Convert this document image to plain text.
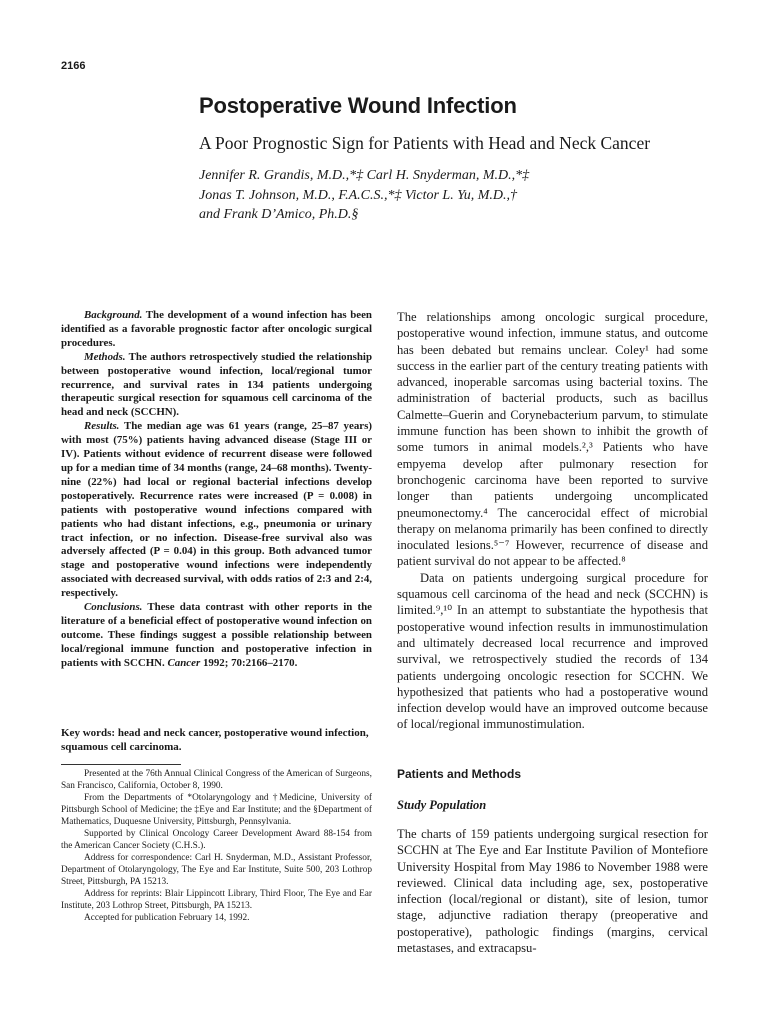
2166
Postoperative Wound Infection
A Poor Prognostic Sign for Patients with Head and Neck Cancer
Jennifer R. Grandis, M.D.,*‡ Carl H. Snyderman, M.D.,*‡
Jonas T. Johnson, M.D., F.A.C.S.,*‡ Victor L. Yu, M.D.,†
and Frank D’Amico, Ph.D.§

Background. The development of a wound infection has been identified as a favorable prognostic factor after oncologic surgical procedures.

Methods. The authors retrospectively studied the relationship between postoperative wound infection, local/regional tumor recurrence, and survival rates in 134 patients undergoing therapeutic surgical resection for squamous cell carcinoma of the head and neck (SCCHN).

Results. The median age was 61 years (range, 25–87 years) with most (75%) patients having advanced disease (Stage III or IV). Patients without evidence of recurrent disease were followed up for a median time of 34 months (range, 24–68 months). Twenty-nine (22%) had local or regional bacterial infections develop postoperatively. Recurrence rates were increased (P = 0.008) in patients with postoperative wound infections compared with patients who had distant infections, e.g., pneumonia or urinary tract infection, or no infection. Disease-free survival also was adversely affected (P = 0.04) in this group. Both advanced tumor stage and postoperative wound infections were independently associated with decreased survival, with odds ratios of 2:3 and 2:4, respectively.

Conclusions. These data contrast with other reports in the literature of a beneficial effect of postoperative wound infection on outcome. These findings suggest a possible relationship between local/regional immune function and postoperative infection in patients with SCCHN. Cancer 1992; 70:2166–2170.

Key words: head and neck cancer, postoperative wound infection, squamous cell carcinoma.

Presented at the 76th Annual Clinical Congress of the American of Surgeons, San Francisco, California, October 8, 1990.

From the Departments of *Otolaryngology and †Medicine, University of Pittsburgh School of Medicine; the ‡Eye and Ear Institute; and the §Department of Mathematics, Duquesne University, Pittsburgh, Pennsylvania.

Supported by Clinical Oncology Career Development Award 88-154 from the American Cancer Society (C.H.S.).

Address for correspondence: Carl H. Snyderman, M.D., Assistant Professor, Department of Otolaryngology, The Eye and Ear Institute, Suite 500, 203 Lothrop Street, Pittsburgh, PA 15213.

Address for reprints: Blair Lippincott Library, Third Floor, The Eye and Ear Institute, 203 Lothrop Street, Pittsburgh, PA 15213.

Accepted for publication February 14, 1992.

The relationships among oncologic surgical procedure, postoperative wound infection, immune status, and outcome has been debated but remains unclear. Coley¹ had some success in the earlier part of the century treating patients with advanced, inoperable sarcomas using bacterial toxins. The administration of bacterial products, such as bacillus Calmette–Guerin and Corynebacterium parvum, to stimulate immune function has been shown to inhibit the growth of some tumors in animal models.²,³ Patients who have empyema develop after pulmonary resection for bronchogenic carcinoma have been reported to survive longer than patients undergoing uncomplicated pneumonectomy.⁴ The cancerocidal effect of microbial therapy on melanoma primarily has been confined to directly inoculated lesions.⁵⁻⁷ However, recurrence of disease and patient survival do not appear to be affected.⁸

Data on patients undergoing surgical procedure for squamous cell carcinoma of the head and neck (SCCHN) is limited.⁹,¹⁰ In an attempt to substantiate the hypothesis that postoperative wound infection results in immunostimulation and ultimately decreased local recurrence and improved survival, we retrospectively studied the records of 134 patients undergoing oncologic resection for SCCHN. We hypothesized that patients who had a postoperative wound infection develop would have an improved outcome because of local/regional immunostimulation.

Patients and Methods
Study Population

The charts of 159 patients undergoing surgical resection for SCCHN at The Eye and Ear Institute Pavilion of Montefiore University Hospital from May 1986 to November 1988 were reviewed. Clinical data including age, sex, postoperative infection (local/regional or distant), site of lesion, tumor stage, adjunctive radiation therapy (preoperative and postoperative), pathologic findings (margins, cervical metastases, and extracapsu-
